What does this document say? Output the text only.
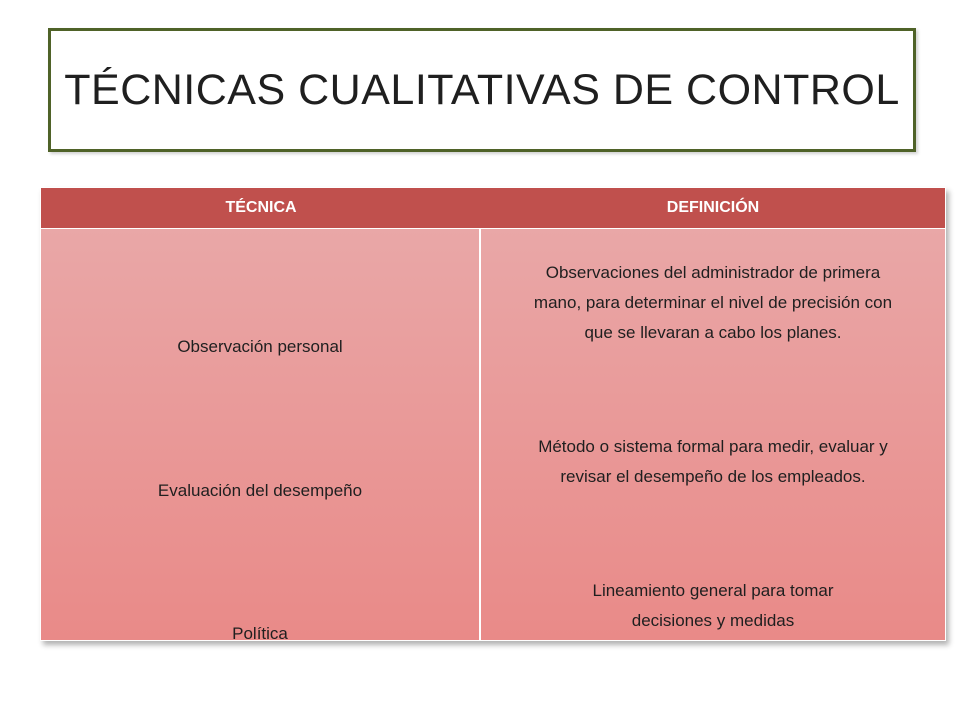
TÉCNICAS CUALITATIVAS DE CONTROL
TÉCNICA	DEFINICIÓN
Observación personal
Evaluación del desempeño
Política
Observaciones del administrador de primera mano, para determinar el nivel de precisión con que se llevaran a cabo los planes.
Método o sistema formal para medir, evaluar y revisar el desempeño de los empleados.
Lineamiento general para tomar decisiones y medidas
